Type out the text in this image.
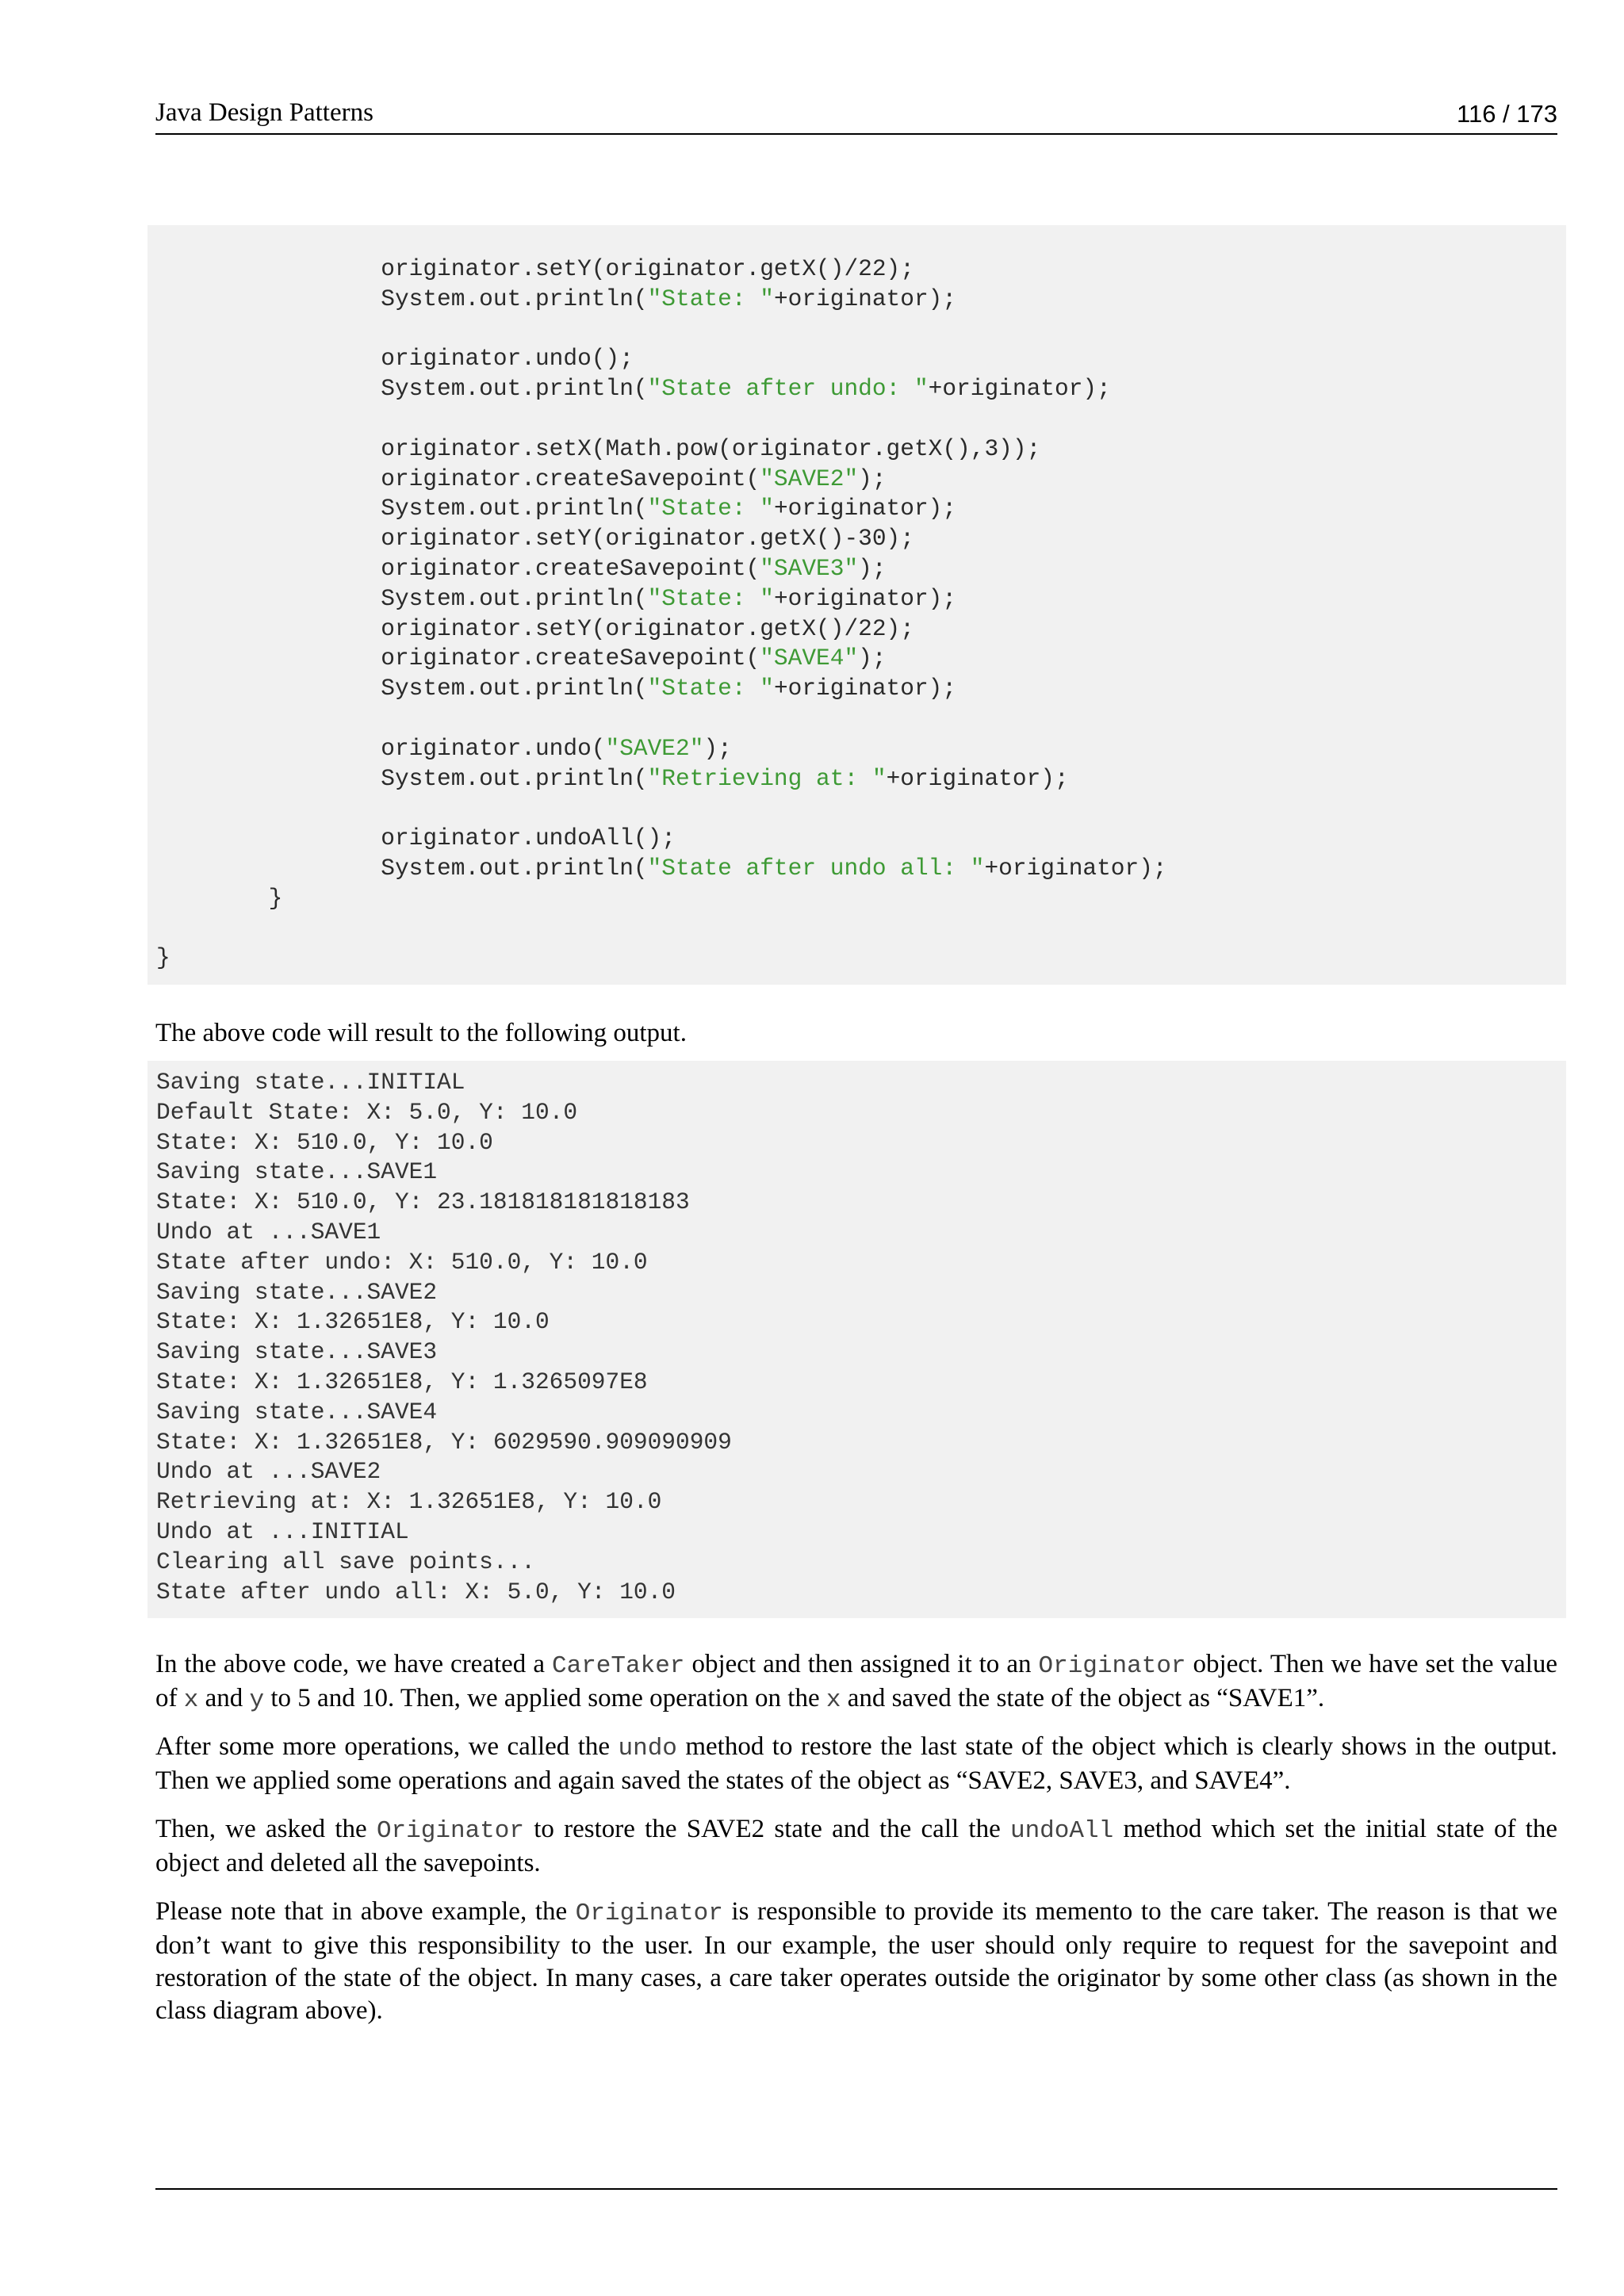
Java Design Patterns	116 / 173
originator.setY(originator.getX()/22);
System.out.println("State: "+originator);
originator.undo();
System.out.println("State after undo: "+originator);
originator.setX(Math.pow(originator.getX(),3));
originator.createSavepoint("SAVE2");
System.out.println("State: "+originator);
originator.setY(originator.getX()-30);
originator.createSavepoint("SAVE3");
System.out.println("State: "+originator);
originator.setY(originator.getX()/22);
originator.createSavepoint("SAVE4");
System.out.println("State: "+originator);
originator.undo("SAVE2");
System.out.println("Retrieving at: "+originator);
originator.undoAll();
System.out.println("State after undo all: "+originator);
}
}
The above code will result to the following output.
Saving state...INITIAL
Default State: X: 5.0, Y: 10.0
State: X: 510.0, Y: 10.0
Saving state...SAVE1
State: X: 510.0, Y: 23.181818181818183
Undo at ...SAVE1
State after undo: X: 510.0, Y: 10.0
Saving state...SAVE2
State: X: 1.32651E8, Y: 10.0
Saving state...SAVE3
State: X: 1.32651E8, Y: 1.3265097E8
Saving state...SAVE4
State: X: 1.32651E8, Y: 6029590.909090909
Undo at ...SAVE2
Retrieving at: X: 1.32651E8, Y: 10.0
Undo at ...INITIAL
Clearing all save points...
State after undo all: X: 5.0, Y: 10.0
In the above code, we have created a CareTaker object and then assigned it to an Originator object. Then we have set the value of x and y to 5 and 10. Then, we applied some operation on the x and saved the state of the object as “SAVE1”.
After some more operations, we called the undo method to restore the last state of the object which is clearly shows in the output. Then we applied some operations and again saved the states of the object as “SAVE2, SAVE3, and SAVE4”.
Then, we asked the Originator to restore the SAVE2 state and the call the undoAll method which set the initial state of the object and deleted all the savepoints.
Please note that in above example, the Originator is responsible to provide its memento to the care taker. The reason is that we don’t want to give this responsibility to the user. In our example, the user should only require to request for the savepoint and restoration of the state of the object. In many cases, a care taker operates outside the originator by some other class (as shown in the class diagram above).
